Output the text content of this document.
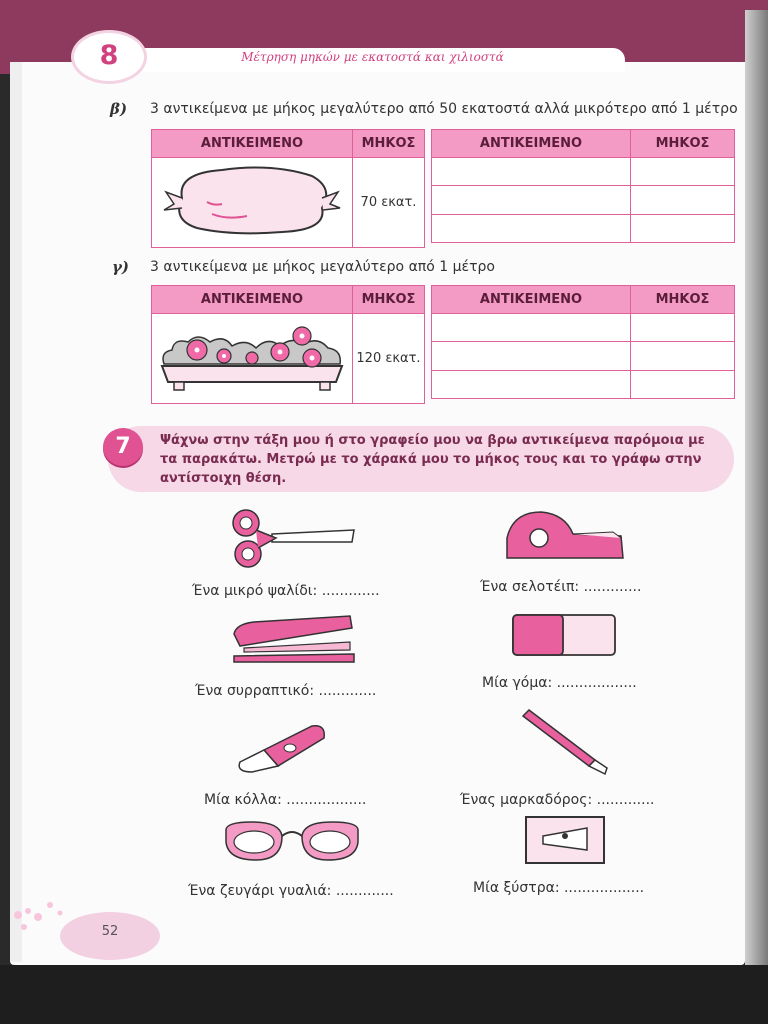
Μέτρηση μηκών με εκατοστά και χιλιοστά
8
β) 3 αντικείμενα με μήκος μεγαλύτερο από 50 εκατοστά αλλά μικρότερο από 1 μέτρο
ΑΝΤΙΚΕΙΜΕΝΟ	ΜΗΚΟΣ
	70 εκατ.
ΑΝΤΙΚΕΙΜΕΝΟ	ΜΗΚΟΣ

γ) 3 αντικείμενα με μήκος μεγαλύτερο από 1 μέτρο
ΑΝΤΙΚΕΙΜΕΝΟ	ΜΗΚΟΣ
	120 εκατ.
ΑΝΤΙΚΕΙΜΕΝΟ	ΜΗΚΟΣ

7	Ψάχνω στην τάξη μου ή στο γραφείο μου να βρω αντικείμενα παρόμοια με τα παρακάτω. Μετρώ με το χάρακά μου το μήκος τους και το γράφω στην αντίστοιχη θέση.
Ένα μικρό ψαλίδι: .............	Ένα σελοτέιπ: .............
Ένα συρραπτικό: .............	Μία γόμα: ..................
Μία κόλλα: ..................	Ένας μαρκαδόρος: .............
Ένα ζευγάρι γυαλιά: .............	Μία ξύστρα: ..................
52
